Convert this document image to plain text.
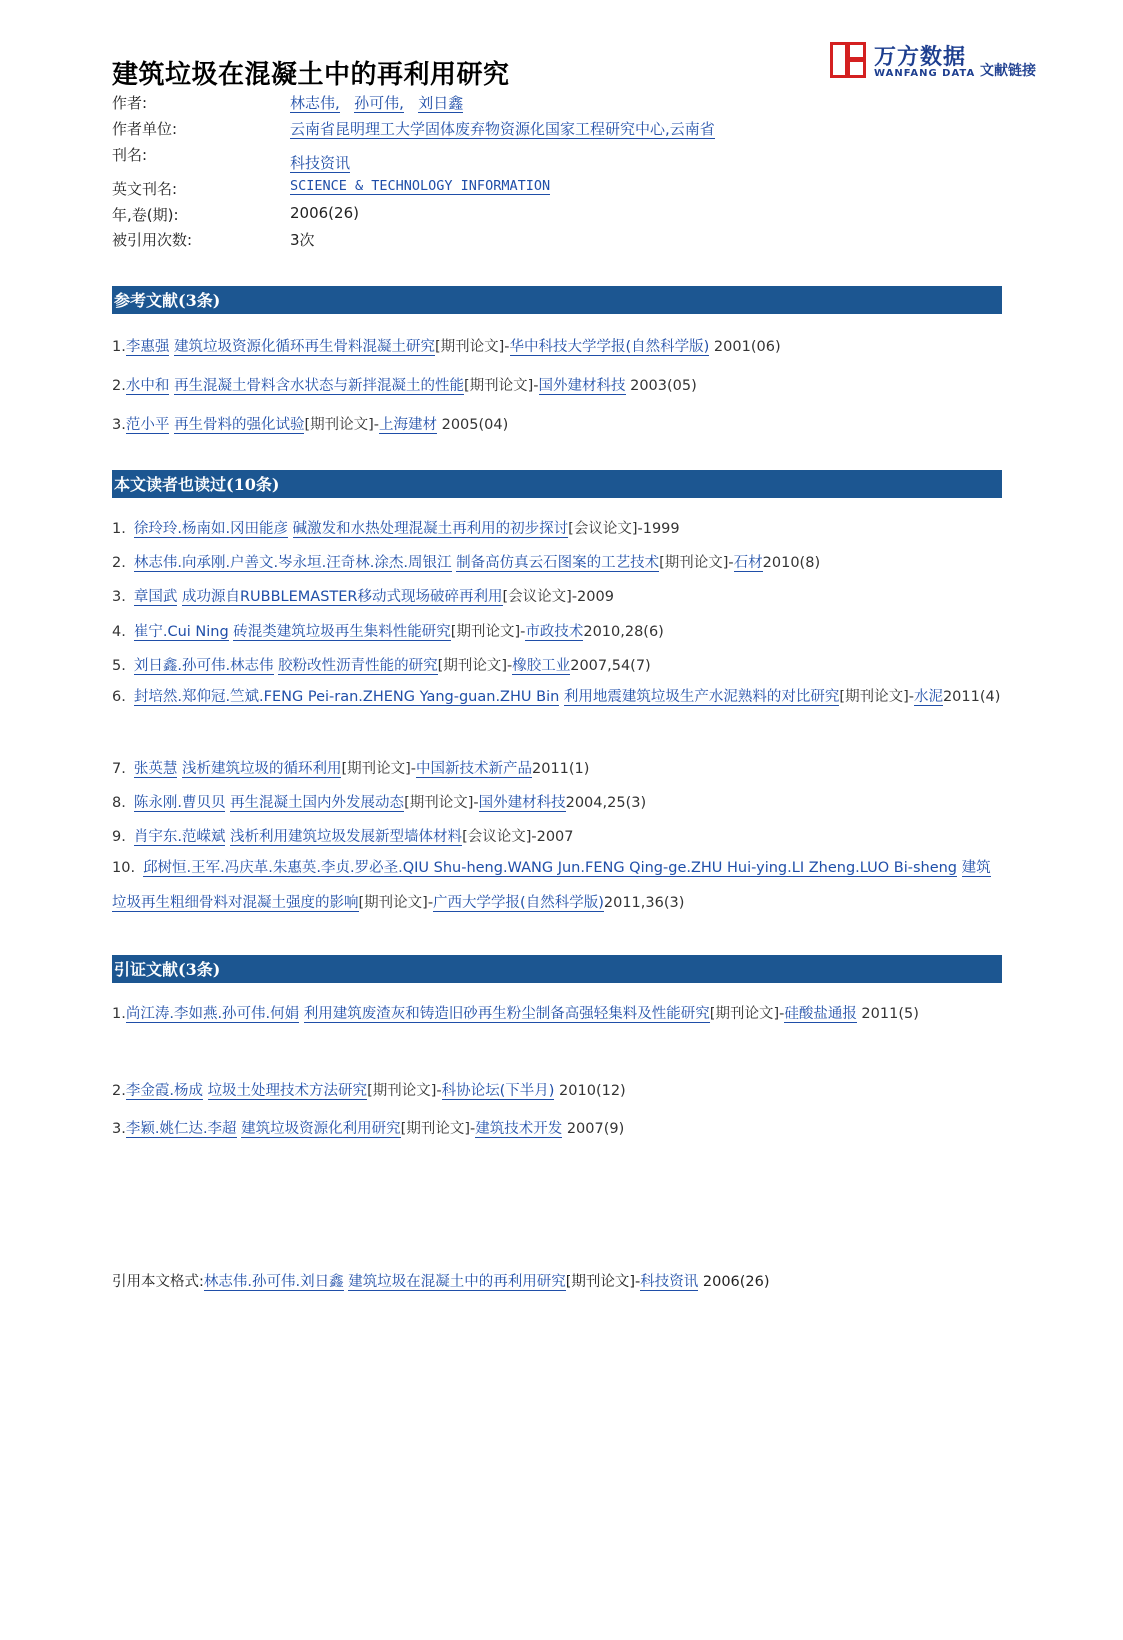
建筑垃圾在混凝土中的再利用研究
万方数据
WANFANG DATA 文献链接
作者:	林志伟, 孙可伟, 刘日鑫
作者单位:	云南省昆明理工大学固体废弃物资源化国家工程研究中心,云南省
刊名:	科技资讯
英文刊名:	SCIENCE & TECHNOLOGY INFORMATION
年,卷(期):	2006(26)
被引用次数:	3次
参考文献(3条)
1.李惠强 建筑垃圾资源化循环再生骨料混凝土研究[期刊论文]-华中科技大学学报(自然科学版) 2001(06)
2.水中和 再生混凝土骨料含水状态与新拌混凝土的性能[期刊论文]-国外建材科技 2003(05)
3.范小平 再生骨料的强化试验[期刊论文]-上海建材 2005(04)
本文读者也读过(10条)
1. 徐玲玲.杨南如.冈田能彦 碱激发和水热处理混凝土再利用的初步探讨[会议论文]-1999
2. 林志伟.向承刚.户善文.岑永垣.汪奇林.涂杰.周银江 制备高仿真云石图案的工艺技术[期刊论文]-石材2010(8)
3. 章国武 成功源自RUBBLEMASTER移动式现场破碎再利用[会议论文]-2009
4. 崔宁.Cui Ning 砖混类建筑垃圾再生集料性能研究[期刊论文]-市政技术2010,28(6)
5. 刘日鑫.孙可伟.林志伟 胶粉改性沥青性能的研究[期刊论文]-橡胶工业2007,54(7)
6. 封培然.郑仰冠.竺斌.FENG Pei-ran.ZHENG Yang-guan.ZHU Bin 利用地震建筑垃圾生产水泥熟料的对比研究[期刊论文]-水泥2011(4)
7. 张英慧 浅析建筑垃圾的循环利用[期刊论文]-中国新技术新产品2011(1)
8. 陈永刚.曹贝贝 再生混凝土国内外发展动态[期刊论文]-国外建材科技2004,25(3)
9. 肖宇东.范嵘斌 浅析利用建筑垃圾发展新型墙体材料[会议论文]-2007
10. 邱树恒.王军.冯庆革.朱惠英.李贞.罗必圣.QIU Shu-heng.WANG Jun.FENG Qing-ge.ZHU Hui-ying.LI Zheng.LUO Bi-sheng 建筑垃圾再生粗细骨料对混凝土强度的影响[期刊论文]-广西大学学报(自然科学版)2011,36(3)
引证文献(3条)
1.尚江涛.李如燕.孙可伟.何娟 利用建筑废渣灰和铸造旧砂再生粉尘制备高强轻集料及性能研究[期刊论文]-硅酸盐通报 2011(5)
2.李金霞.杨成 垃圾土处理技术方法研究[期刊论文]-科协论坛(下半月) 2010(12)
3.李颖.姚仁达.李超 建筑垃圾资源化利用研究[期刊论文]-建筑技术开发 2007(9)
引用本文格式:林志伟.孙可伟.刘日鑫 建筑垃圾在混凝土中的再利用研究[期刊论文]-科技资讯 2006(26)
